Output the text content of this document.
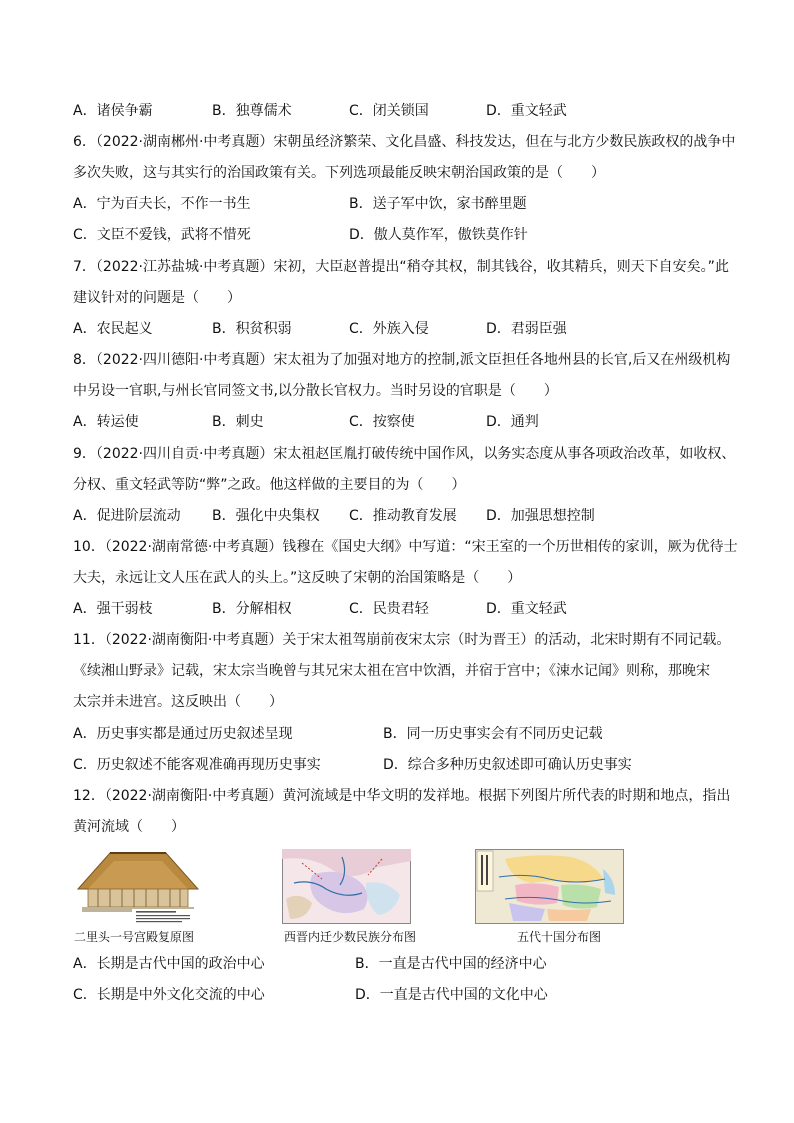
A．诸侯争霸	B．独尊儒术	C．闭关锁国	D．重文轻武
6．（2022·湖南郴州·中考真题）宋朝虽经济繁荣、文化昌盛、科技发达，但在与北方少数民族政权的战争中
多次失败，这与其实行的治国政策有关。下列选项最能反映宋朝治国政策的是（　　）
A．宁为百夫长，不作一书生	B．送子军中饮，家书醉里题
C．文臣不爱钱，武将不惜死	D．傲人莫作军，傲铁莫作针
7．（2022·江苏盐城·中考真题）宋初，大臣赵普提出“稍夺其权，制其钱谷，收其精兵，则天下自安矣。”此
建议针对的问题是（　　）
A．农民起义	B．积贫积弱	C．外族入侵	D．君弱臣强
8．（2022·四川德阳·中考真题）宋太祖为了加强对地方的控制,派文臣担任各地州县的长官,后又在州级机构
中另设一官职,与州长官同签文书,以分散长官权力。当时另设的官职是（　　）
A．转运使	B．刺史	C．按察使	D．通判
9．（2022·四川自贡·中考真题）宋太祖赵匡胤打破传统中国作风，以务实态度从事各项政治改革，如收权、
分权、重文轻武等防“弊”之政。他这样做的主要目的为（　　）
A．促进阶层流动 B．强化中央集权 C．推动教育发展 D．加强思想控制
10．（2022·湖南常德·中考真题）钱穆在《国史大纲》中写道：“宋王室的一个历世相传的家训，厥为优待士
大夫，永远让文人压在武人的头上。”这反映了宋朝的治国策略是（　　）
A．强干弱枝	B．分解相权	C．民贵君轻	D．重文轻武
11．（2022·湖南衡阳·中考真题）关于宋太祖驾崩前夜宋太宗（时为晋王）的活动，北宋时期有不同记载。
《续湘山野录》记载，宋太宗当晚曾与其兄宋太祖在宫中饮酒，并宿于宫中；《涑水记闻》则称，那晚宋
太宗并未进宫。这反映出（　　）
A．历史事实都是通过历史叙述呈现	B．同一历史事实会有不同历史记载
C．历史叙述不能客观准确再现历史事实	D．综合多种历史叙述即可确认历史事实
12．（2022·湖南衡阳·中考真题）黄河流域是中华文明的发祥地。根据下列图片所代表的时期和地点，指出
黄河流域（　　）
二里头一号宫殿复原图	西晋内迁少数民族分布图	五代十国分布图
A．长期是古代中国的政治中心	B．一直是古代中国的经济中心
C．长期是中外文化交流的中心	D．一直是古代中国的文化中心
